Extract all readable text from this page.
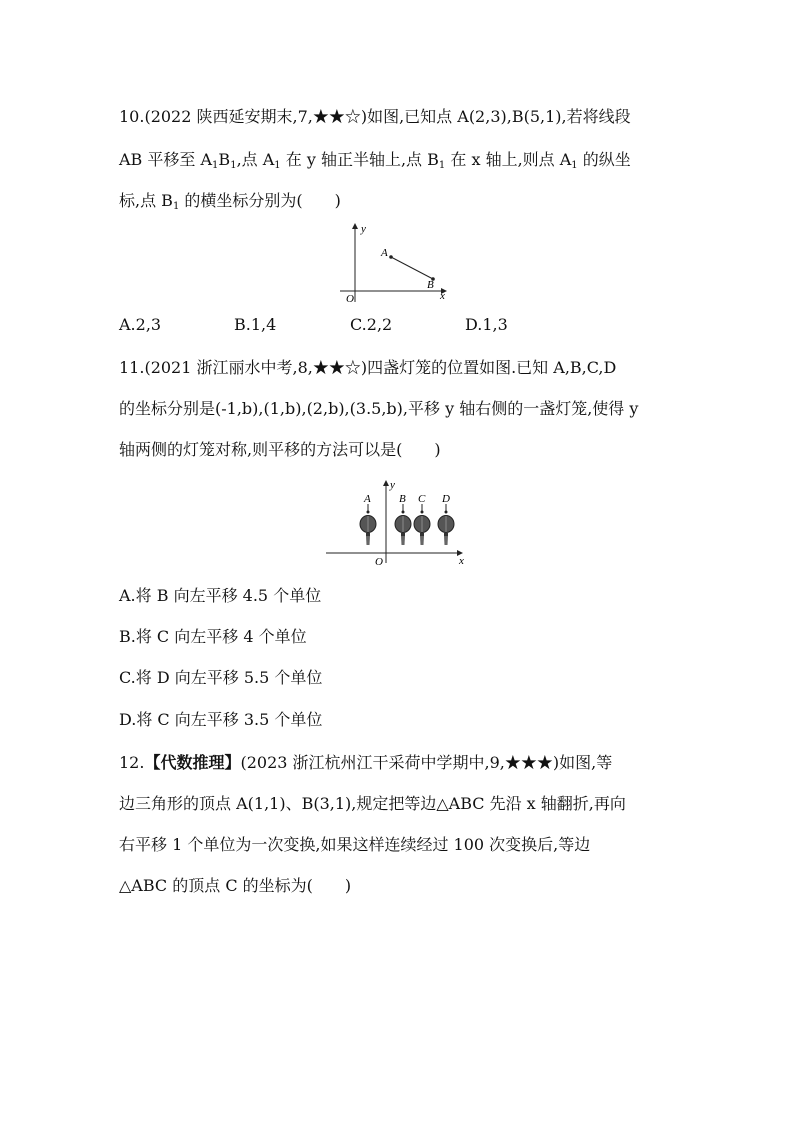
10.(2022 陕西延安期末,7,★★☆)如图,已知点 A(2,3),B(5,1),若将线段
AB 平移至 $A_1B_1$,点 $A_1$ 在 y 轴正半轴上,点 $B_1$ 在 x 轴上,则点 $A_1$ 的纵坐
标,点 $B_1$ 的横坐标分别为(　　)
y
x
O
A
B
A.2,3	B.1,4	C.2,2	D.1,3
11.(2021 浙江丽水中考,8,★★☆)四盏灯笼的位置如图.已知 A,B,C,D
的坐标分别是(-1,b),(1,b),(2,b),(3.5,b),平移 y 轴右侧的一盏灯笼,使得 y
轴两侧的灯笼对称,则平移的方法可以是(　　)
y
x
O
A	B C D
A.将 B 向左平移 4.5 个单位
B.将 C 向左平移 4 个单位
C.将 D 向左平移 5.5 个单位
D.将 C 向左平移 3.5 个单位
12.【代数推理】(2023 浙江杭州江干采荷中学期中,9,★★★)如图,等
边三角形的顶点 A(1,1)、B(3,1),规定把等边△ABC 先沿 x 轴翻折,再向
右平移 1 个单位为一次变换,如果这样连续经过 100 次变换后,等边
△ABC 的顶点 C 的坐标为(　　)
